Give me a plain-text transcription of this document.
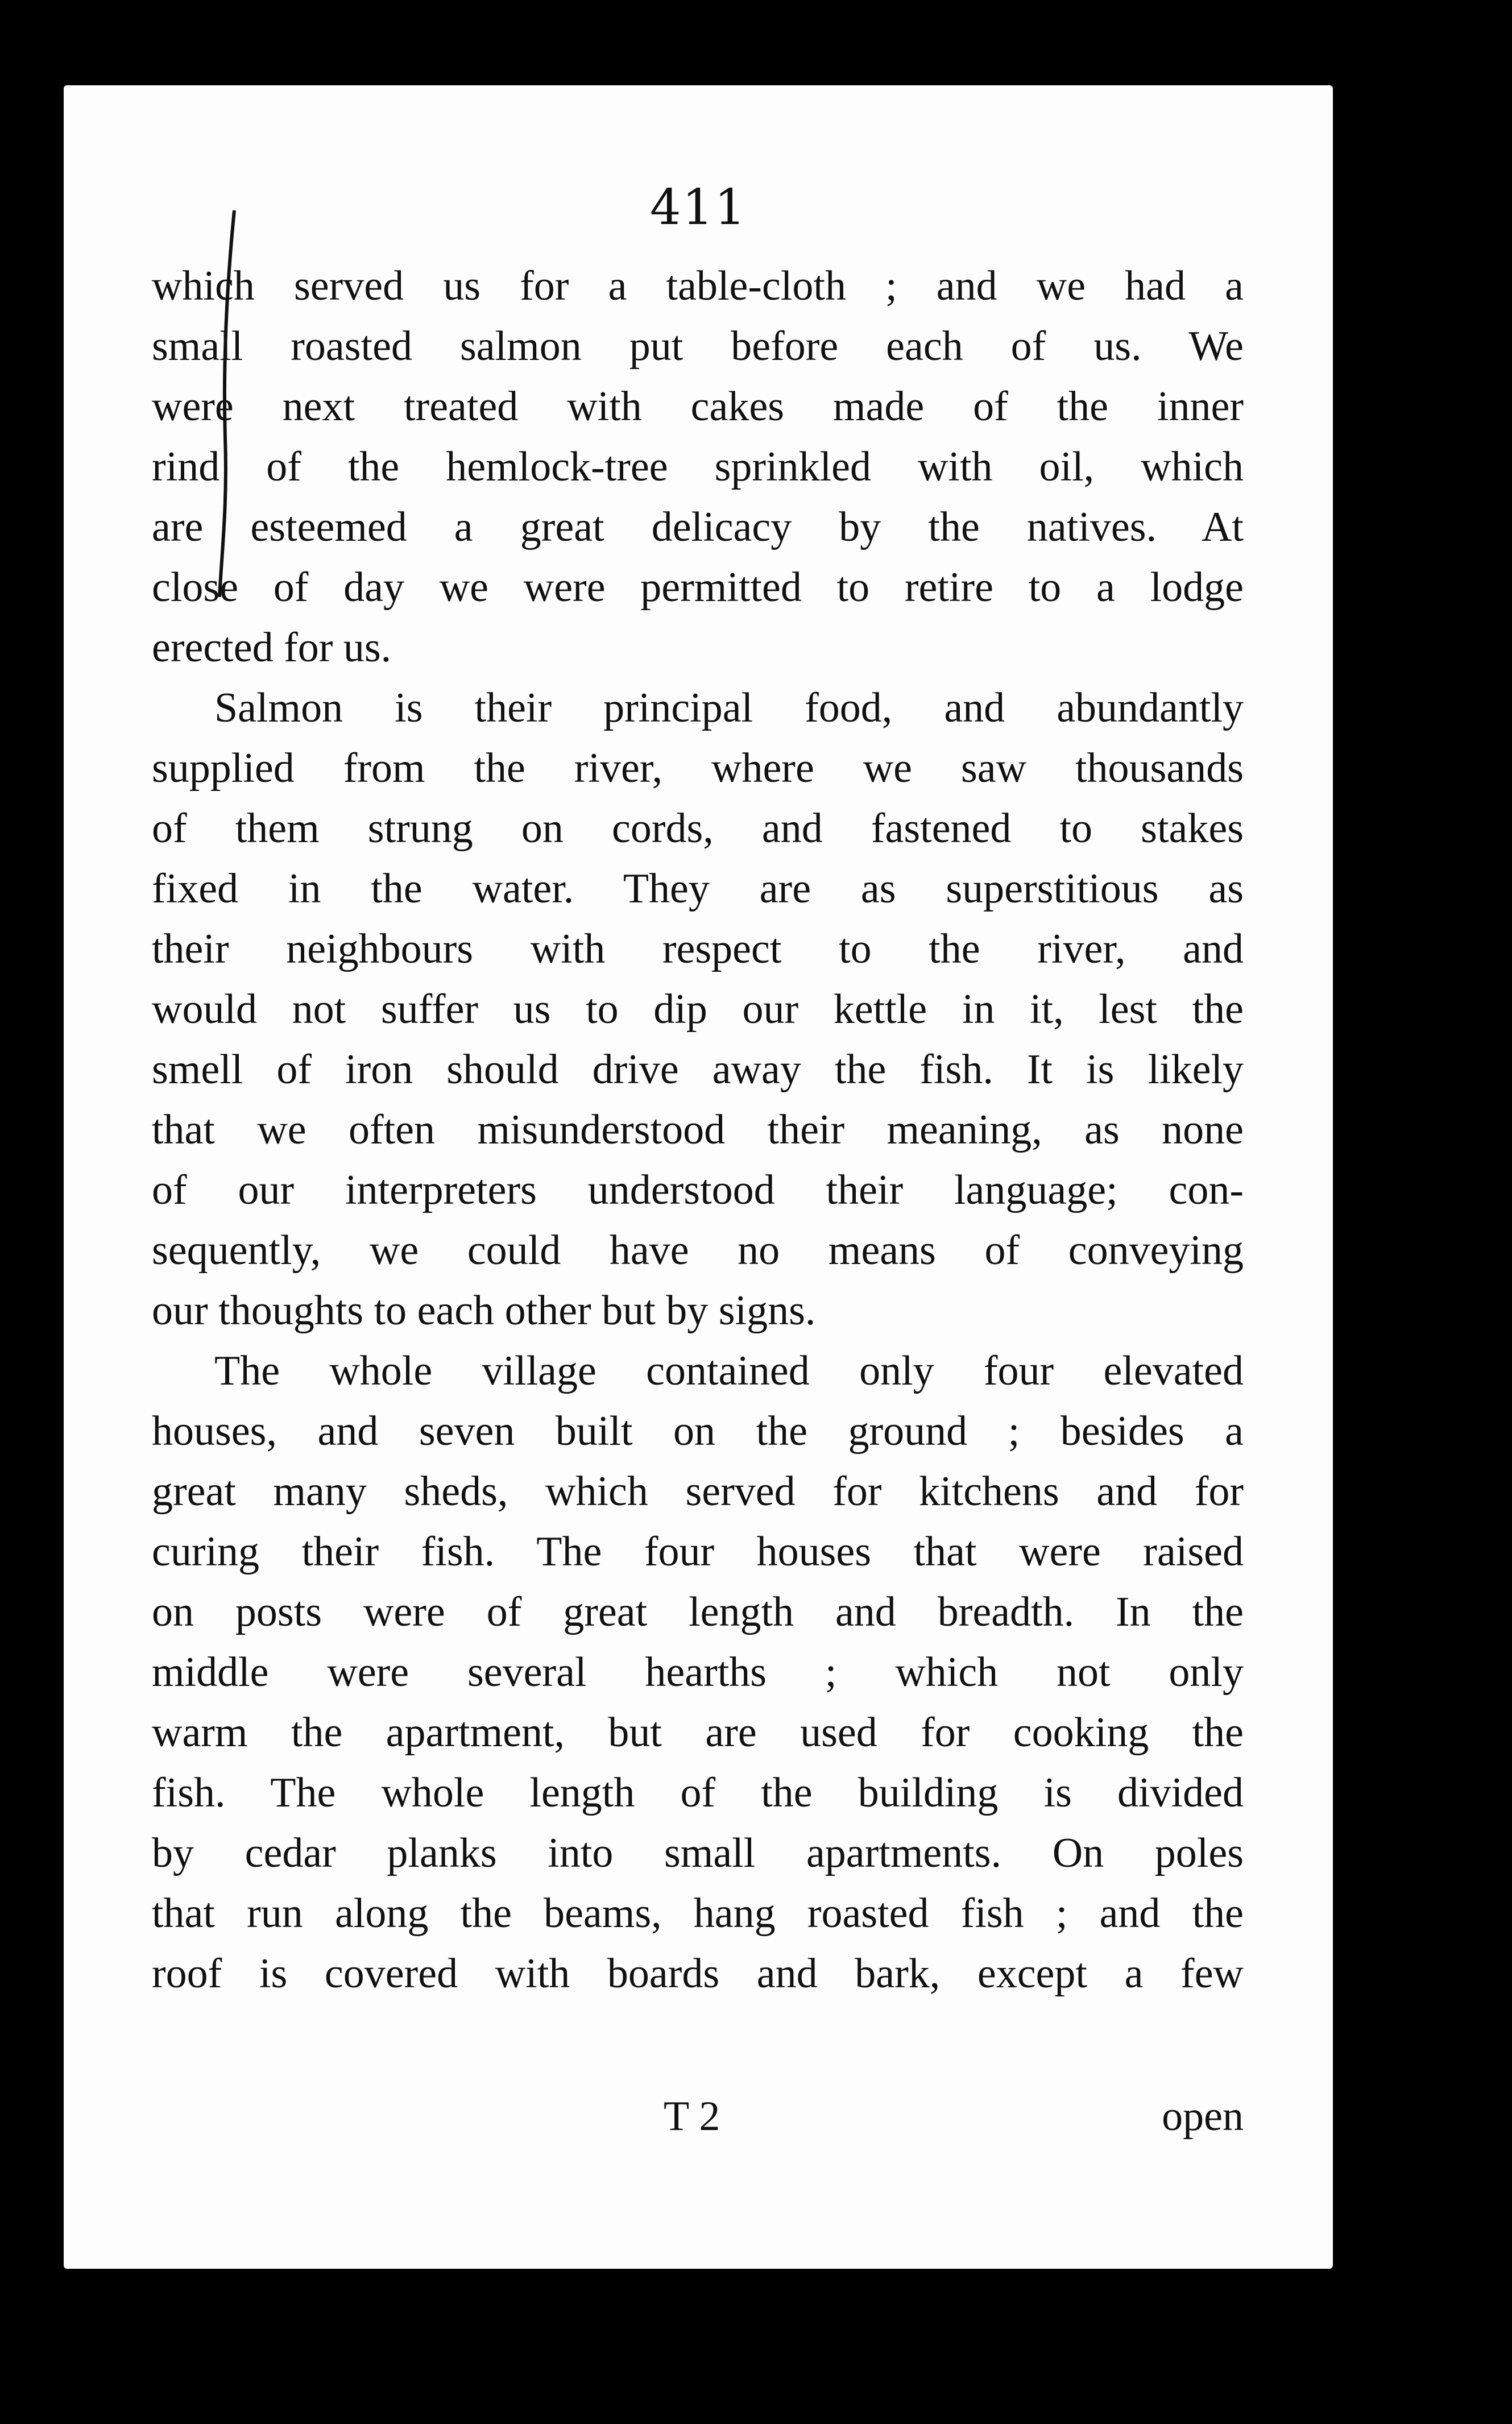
411
which served us for a table-cloth ; and we had a
small roasted salmon put before each of us. We
were next treated with cakes made of the inner
rind of the hemlock-tree sprinkled with oil, which
are esteemed a great delicacy by the natives. At
close of day we were permitted to retire to a lodge
erected for us.
Salmon is their principal food, and abundantly
supplied from the river, where we saw thousands
of them strung on cords, and fastened to stakes
fixed in the water. They are as superstitious as
their neighbours with respect to the river, and
would not suffer us to dip our kettle in it, lest the
smell of iron should drive away the fish. It is likely
that we often misunderstood their meaning, as none
of our interpreters understood their language; con-
sequently, we could have no means of conveying
our thoughts to each other but by signs.
The whole village contained only four elevated
houses, and seven built on the ground ; besides a
great many sheds, which served for kitchens and for
curing their fish. The four houses that were raised
on posts were of great length and breadth. In the
middle were several hearths ; which not only
warm the apartment, but are used for cooking the
fish. The whole length of the building is divided
by cedar planks into small apartments. On poles
that run along the beams, hang roasted fish ; and the
roof is covered with boards and bark, except a few
T 2	open
